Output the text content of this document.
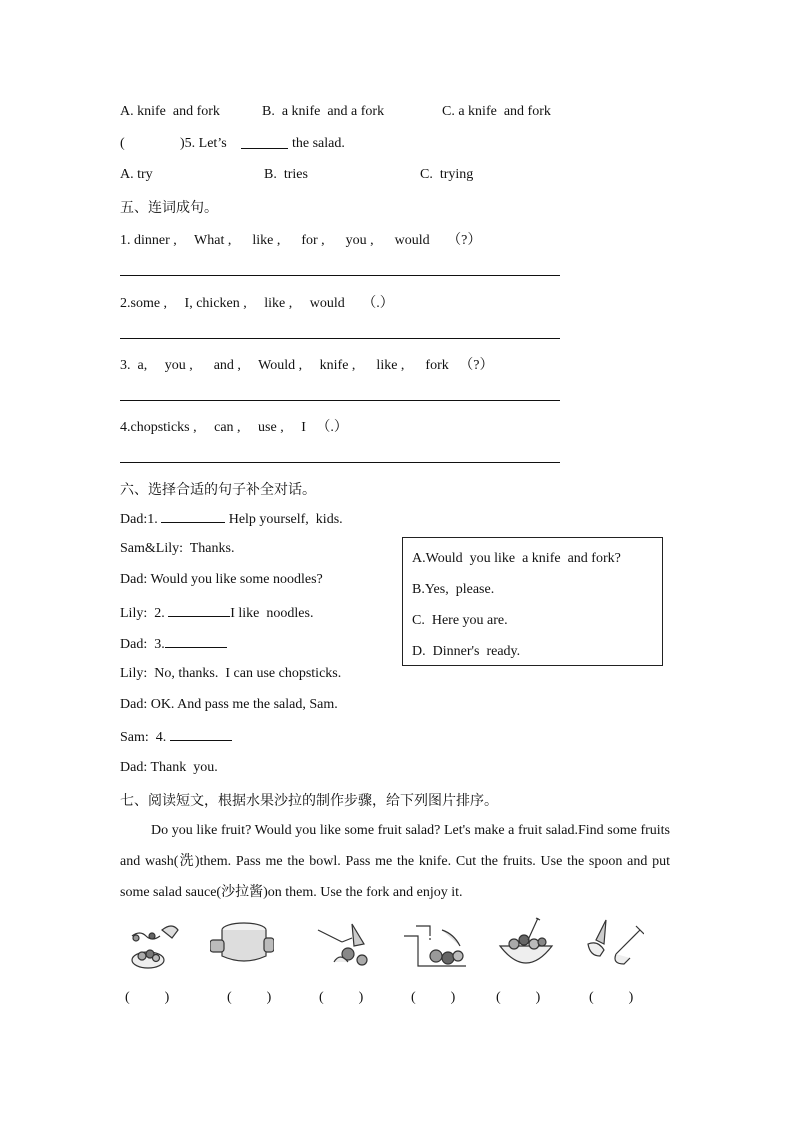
A. knife  and fork	B.  a knife  and a fork	C. a knife  and fork
(	)5. Let’s	the salad.
A. try	B.  tries	C.  trying
五、连词成句。
1. dinner ,     What ,      like ,      for ,      you ,      would     （?）
2.some ,     I, chicken ,     like ,     would     （.）
3.  a,     you ,      and ,     Would ,     knife ,      like ,      fork   （?）
4.chopsticks ,     can ,     use ,     I   （.）
六、选择合适的句子补全对话。
Dad:1.	Help yourself,  kids.
Sam&Lily:  Thanks.
Dad: Would you like some noodles?
Lily:  2.	I like  noodles.
Dad:  3.
Lily:  No, thanks.  I can use chopsticks.
Dad: OK. And pass me the salad, Sam.
Sam:  4.
Dad: Thank  you.
A.Would  you like  a knife  and fork?
B.Yes,  please.
C.  Here you are.
D.  Dinner's  ready.
七、阅读短文，根据水果沙拉的制作步骤，给下列图片排序。
Do you like fruit? Would you like some fruit salad? Let's make a fruit salad.Find some fruits and wash(洗)them. Pass me the bowl. Pass me the knife. Cut the fruits. Use the spoon and put some salad sauce(沙拉酱)on them. Use the fork and enjoy it.
(	)	(	)	(	)	(	)	(	)	(	)
